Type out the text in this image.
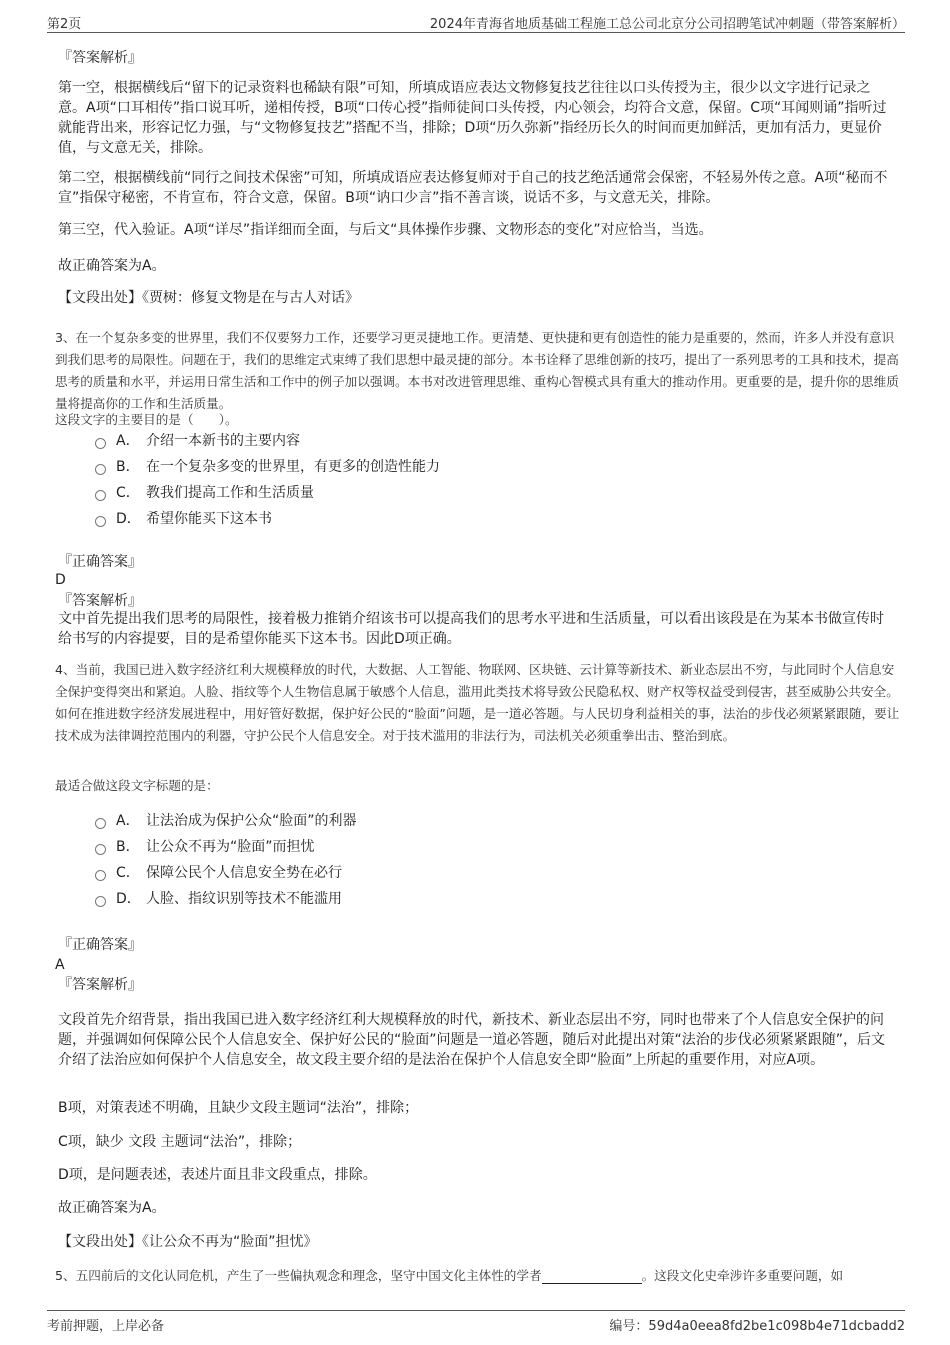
第2页	2024年青海省地质基础工程施工总公司北京分公司招聘笔试冲刺题（带答案解析）

『答案解析』

第一空，根据横线后“留下的记录资料也稀缺有限”可知，所填成语应表达文物修复技艺往往以口头传授为主，很少以文字进行记录之意。A项“口耳相传”指口说耳听，递相传授，B项“口传心授”指师徒间口头传授，内心领会，均符合文意，保留。C项“耳闻则诵”指听过就能背出来，形容记忆力强，与“文物修复技艺”搭配不当，排除；D项“历久弥新”指经历长久的时间而更加鲜活，更加有活力，更显价值，与文意无关，排除。

第二空，根据横线前“同行之间技术保密”可知，所填成语应表达修复师对于自己的技艺绝活通常会保密，不轻易外传之意。A项“秘而不宣”指保守秘密，不肯宣布，符合文意，保留。B项“讷口少言”指不善言谈，说话不多，与文意无关，排除。

第三空，代入验证。A项“详尽”指详细而全面，与后文“具体操作步骤、文物形态的变化”对应恰当，当选。

故正确答案为A。

【文段出处】《贾树：修复文物是在与古人对话》

3、在一个复杂多变的世界里，我们不仅要努力工作，还要学习更灵捷地工作。更清楚、更快捷和更有创造性的能力是重要的，然而，许多人并没有意识到我们思考的局限性。问题在于，我们的思维定式束缚了我们思想中最灵捷的部分。本书诠释了思维创新的技巧，提出了一系列思考的工具和技术，提高思考的质量和水平，并运用日常生活和工作中的例子加以强调。本书对改进管理思维、重构心智模式具有重大的推动作用。更重要的是，提升你的思维质量将提高你的工作和生活质量。

这段文字的主要目的是（　　）。

A． 介绍一本新书的主要内容
B． 在一个复杂多变的世界里，有更多的创造性能力
C． 教我们提高工作和生活质量
D． 希望你能买下这本书

『正确答案』

D

『答案解析』

文中首先提出我们思考的局限性，接着极力推销介绍该书可以提高我们的思考水平进和生活质量，可以看出该段是在为某本书做宣传时给书写的内容提要，目的是希望你能买下这本书。因此D项正确。

4、当前，我国已进入数字经济红利大规模释放的时代，大数据、人工智能、物联网、区块链、云计算等新技术、新业态层出不穷，与此同时个人信息安全保护变得突出和紧迫。人脸、指纹等个人生物信息属于敏感个人信息，滥用此类技术将导致公民隐私权、财产权等权益受到侵害，甚至威胁公共安全。如何在推进数字经济发展进程中，用好管好数据，保护好公民的“脸面”问题，是一道必答题。与人民切身利益相关的事，法治的步伐必须紧紧跟随，要让技术成为法律调控范围内的利器，守护公民个人信息安全。对于技术滥用的非法行为，司法机关必须重拳出击、整治到底。

最适合做这段文字标题的是：

A． 让法治成为保护公众“脸面”的利器
B． 让公众不再为“脸面”而担忧
C． 保障公民个人信息安全势在必行
D． 人脸、指纹识别等技术不能滥用

『正确答案』

A

『答案解析』

文段首先介绍背景，指出我国已进入数字经济红利大规模释放的时代，新技术、新业态层出不穷，同时也带来了个人信息安全保护的问题，并强调如何保障公民个人信息安全、保护好公民的“脸面”问题是一道必答题，随后对此提出对策“法治的步伐必须紧紧跟随”，后文介绍了法治应如何保护个人信息安全，故文段主要介绍的是法治在保护个人信息安全即“脸面”上所起的重要作用，对应A项。

B项，对策表述不明确，且缺少文段主题词“法治”，排除；

C项，缺少 文段 主题词“法治”，排除；

D项，是问题表述，表述片面且非文段重点，排除。

故正确答案为A。

【文段出处】《让公众不再为“脸面”担忧》

5、五四前后的文化认同危机，产生了一些偏执观念和理念，坚守中国文化主体性的学者	。这段文化史牵涉许多重要问题，如

考前押题，上岸必备	编号：59d4a0eea8fd2be1c098b4e71dcbadd2
